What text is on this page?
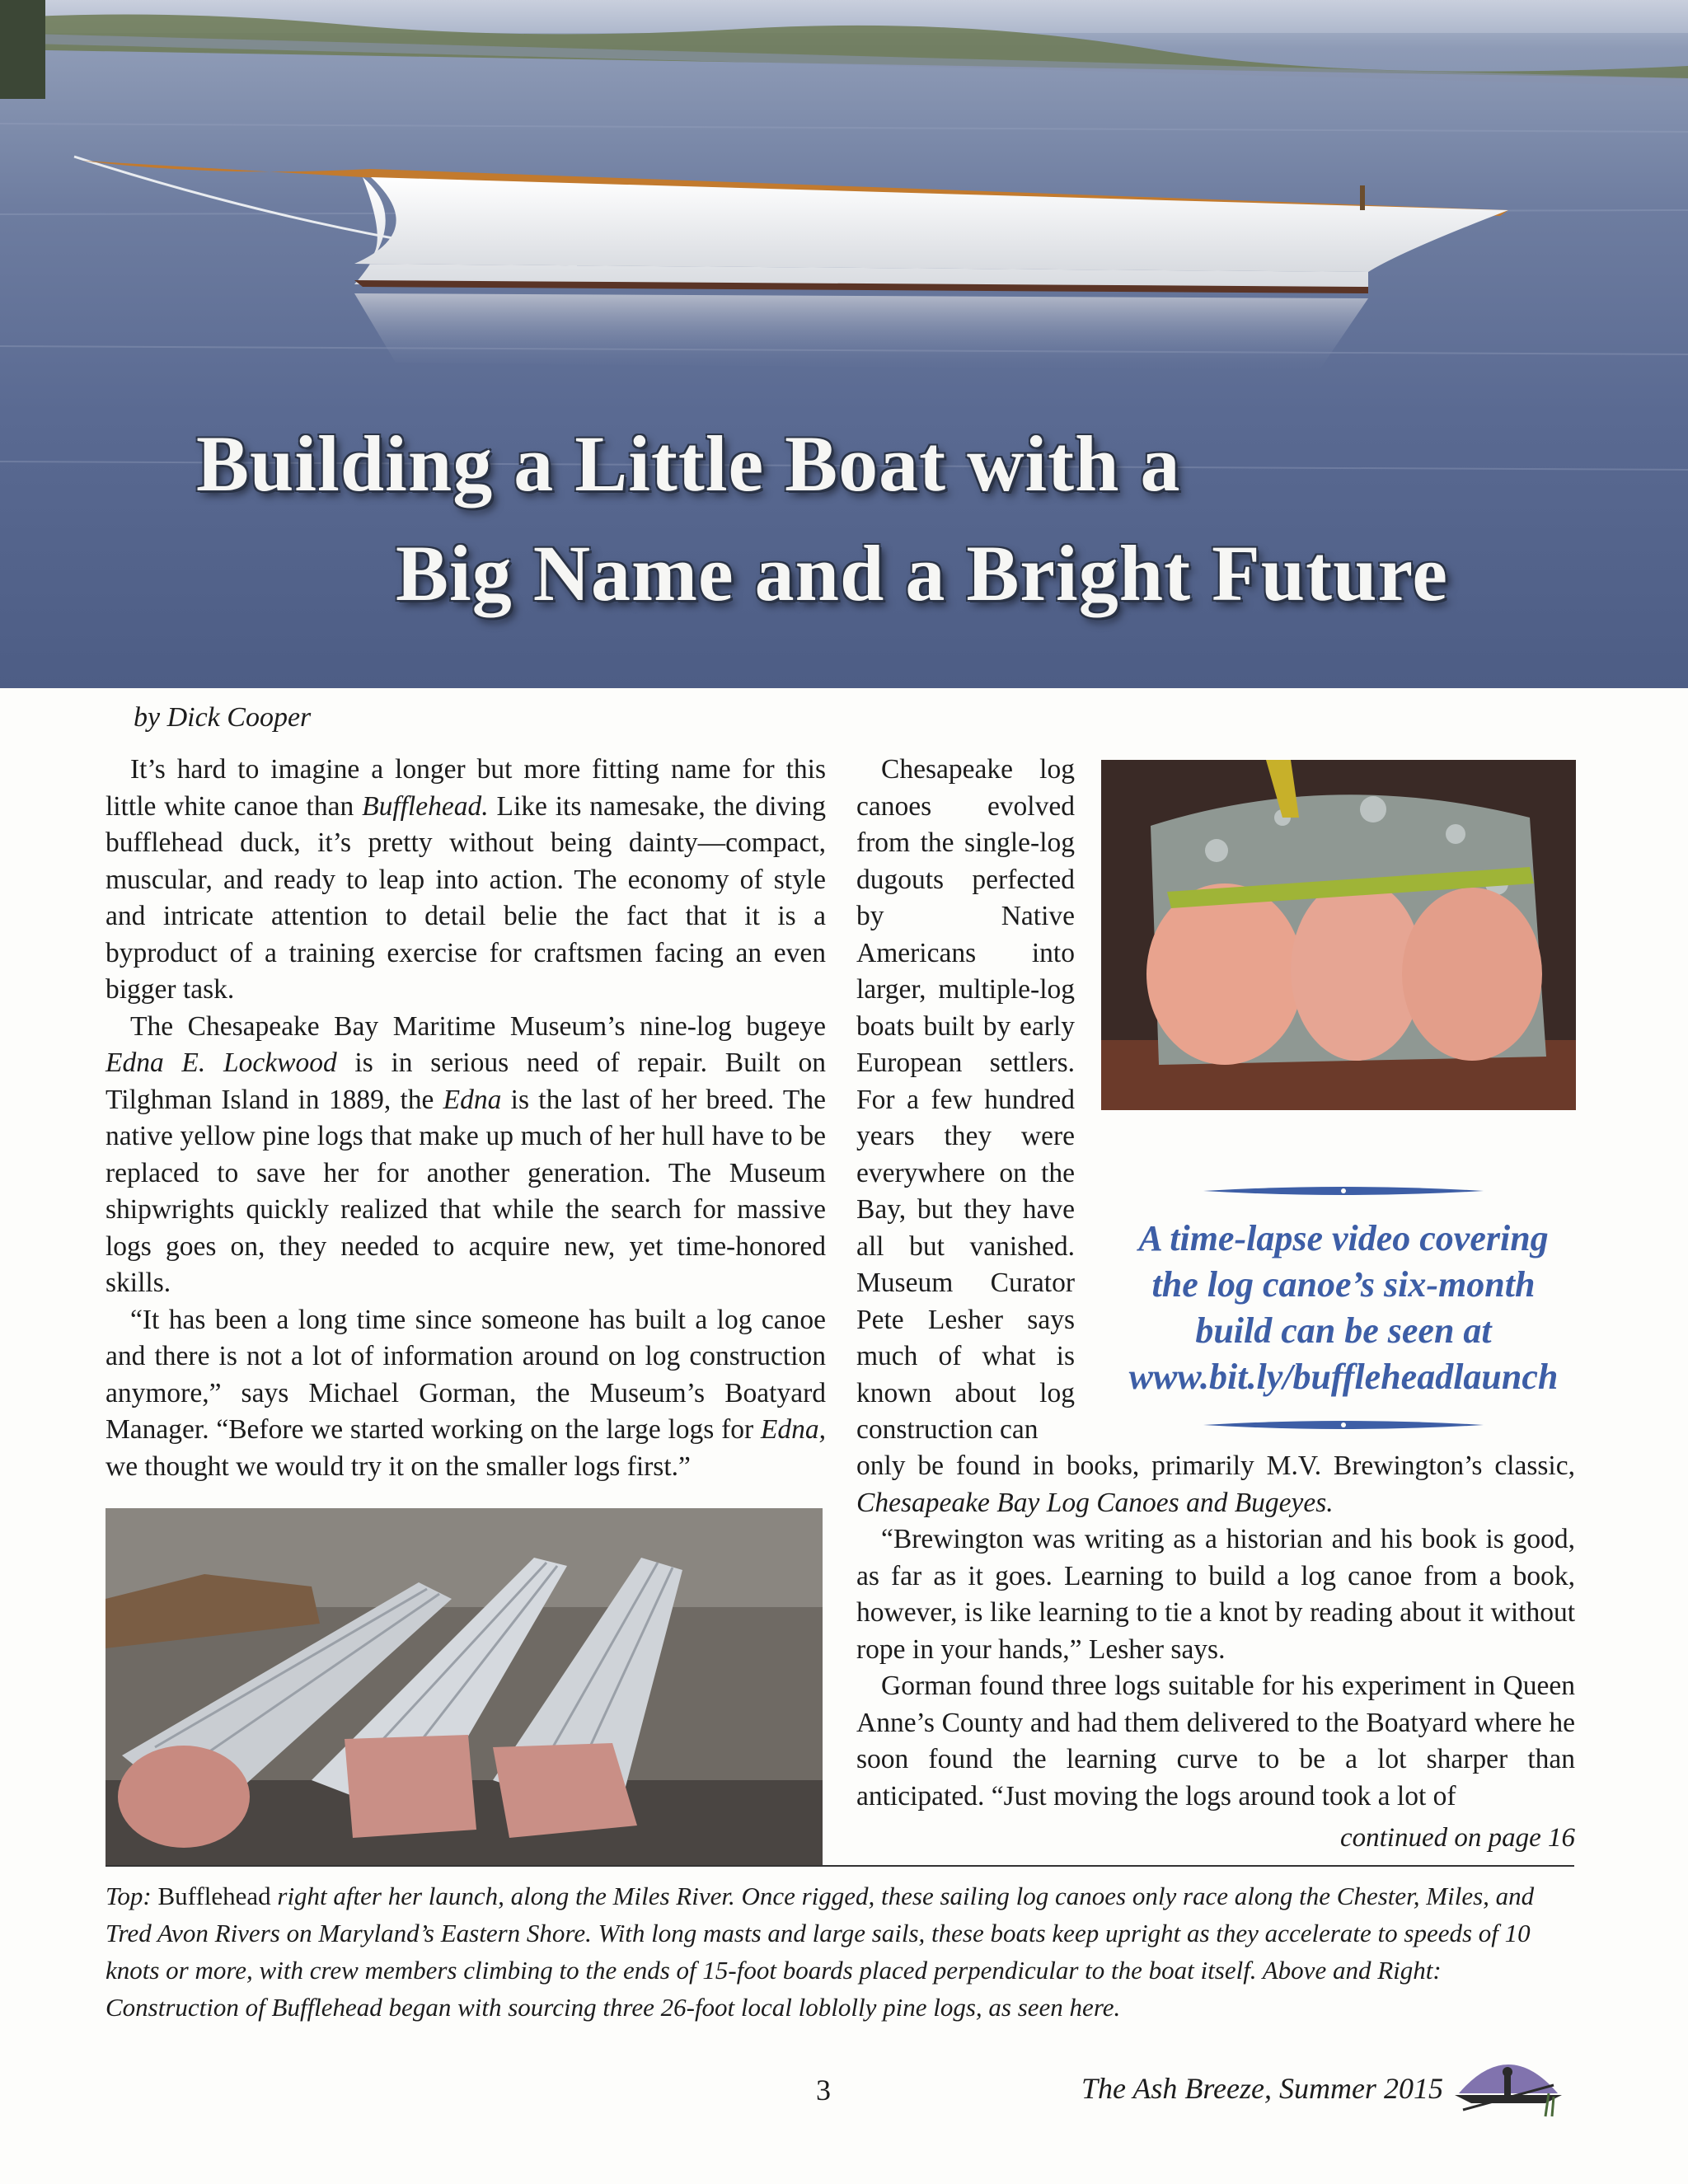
Building a Little Boat with a
Big Name and a Bright Future
by Dick Cooper

It’s hard to imagine a longer but more fitting name for this little white canoe than Bufflehead. Like its namesake, the diving bufflehead duck, it’s pretty without being dainty—compact, muscular, and ready to leap into action. The economy of style and intricate attention to detail belie the fact that it is a byproduct of a training exercise for craftsmen facing an even bigger task.

The Chesapeake Bay Maritime Museum’s nine-log bugeye Edna E. Lockwood is in serious need of repair. Built on Tilghman Island in 1889, the Edna is the last of her breed. The native yellow pine logs that make up much of her hull have to be replaced to save her for another generation. The Museum shipwrights quickly realized that while the search for massive logs goes on, they needed to acquire new, yet time-honored skills.

“It has been a long time since someone has built a log canoe and there is not a lot of information around on log construction anymore,” says Michael Gorman, the Museum’s Boatyard Manager. “Before we started working on the large logs for Edna, we thought we would try it on the smaller logs first.”

Chesapeake log canoes evolved from the single-log dugouts perfected by Native Americans into larger, multiple-log boats built by early European settlers. For a few hundred years they were everywhere on the Bay, but they have all but vanished. Museum Curator Pete Lesher says much of what is known about log construction can

A time-lapse video covering
the log canoe’s six-month
build can be seen at
www.bit.ly/buffleheadlaunch

only be found in books, primarily M.V. Brewington’s classic, Chesapeake Bay Log Canoes and Bugeyes.

“Brewington was writing as a historian and his book is good, as far as it goes. Learning to build a log canoe from a book, however, is like learning to tie a knot by reading about it without rope in your hands,” Lesher says.

Gorman found three logs suitable for his experiment in Queen Anne’s County and had them delivered to the Boatyard where he soon found the learning curve to be a lot sharper than anticipated. “Just moving the logs around took a lot of

continued on page 16
Top: Bufflehead right after her launch, along the Miles River. Once rigged, these sailing log canoes only race along the Chester, Miles, and Tred Avon Rivers on Maryland’s Eastern Shore. With long masts and large sails, these boats keep upright as they accelerate to speeds of 10 knots or more, with crew members climbing to the ends of 15-foot boards placed perpendicular to the boat itself. Above and Right: Construction of Bufflehead began with sourcing three 26-foot local loblolly pine logs, as seen here.
3	The Ash Breeze, Summer 2015
